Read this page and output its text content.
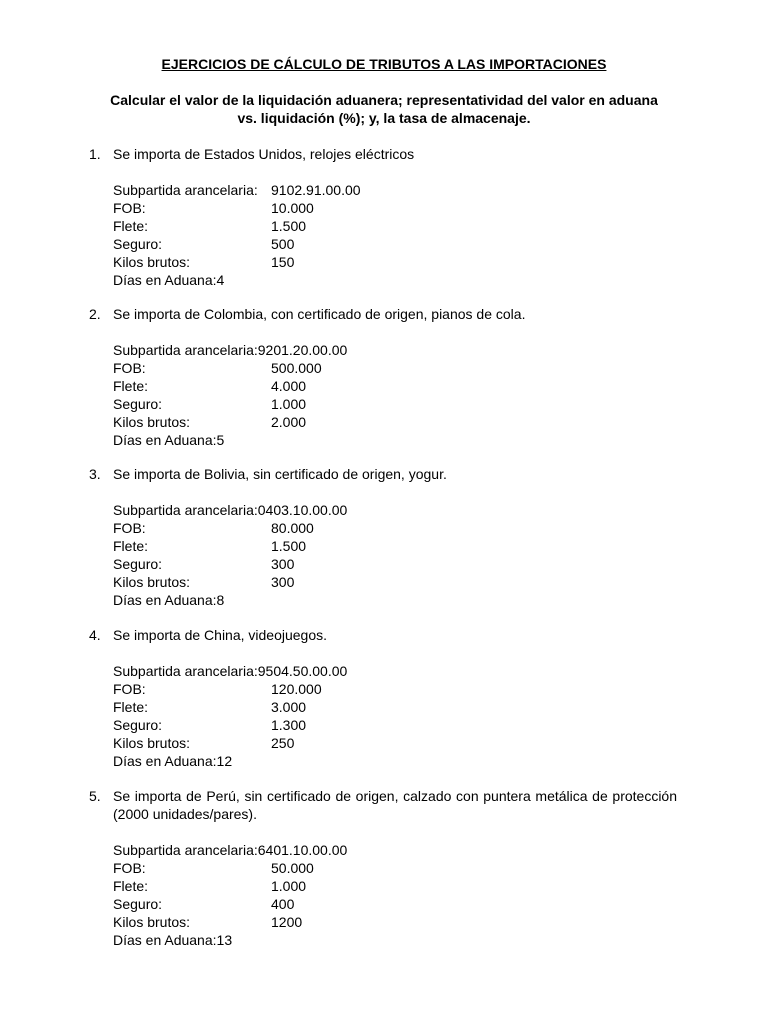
EJERCICIOS DE CÁLCULO DE TRIBUTOS A LAS IMPORTACIONES
Calcular el valor de la liquidación aduanera; representatividad del valor en aduana vs. liquidación (%); y, la tasa de almacenaje.
1. Se importa de Estados Unidos, relojes eléctricos
Subpartida arancelaria: 9102.91.00.00
FOB:	10.000
Flete:	1.500
Seguro:	500
Kilos brutos:	150
Días en Aduana:4
2. Se importa de Colombia, con certificado de origen, pianos de cola.
Subpartida arancelaria:9201.20.00.00
FOB:	500.000
Flete:	4.000
Seguro:	1.000
Kilos brutos:	2.000
Días en Aduana:5
3. Se importa de Bolivia, sin certificado de origen, yogur.
Subpartida arancelaria:0403.10.00.00
FOB:	80.000
Flete:	1.500
Seguro:	300
Kilos brutos:	300
Días en Aduana:8
4. Se importa de China, videojuegos.
Subpartida arancelaria:9504.50.00.00
FOB:	120.000
Flete:	3.000
Seguro:	1.300
Kilos brutos:	250
Días en Aduana:12
5. Se importa de Perú, sin certificado de origen, calzado con puntera metálica de protección (2000 unidades/pares).
Subpartida arancelaria:6401.10.00.00
FOB:	50.000
Flete:	1.000
Seguro:	400
Kilos brutos:	1200
Días en Aduana:13
